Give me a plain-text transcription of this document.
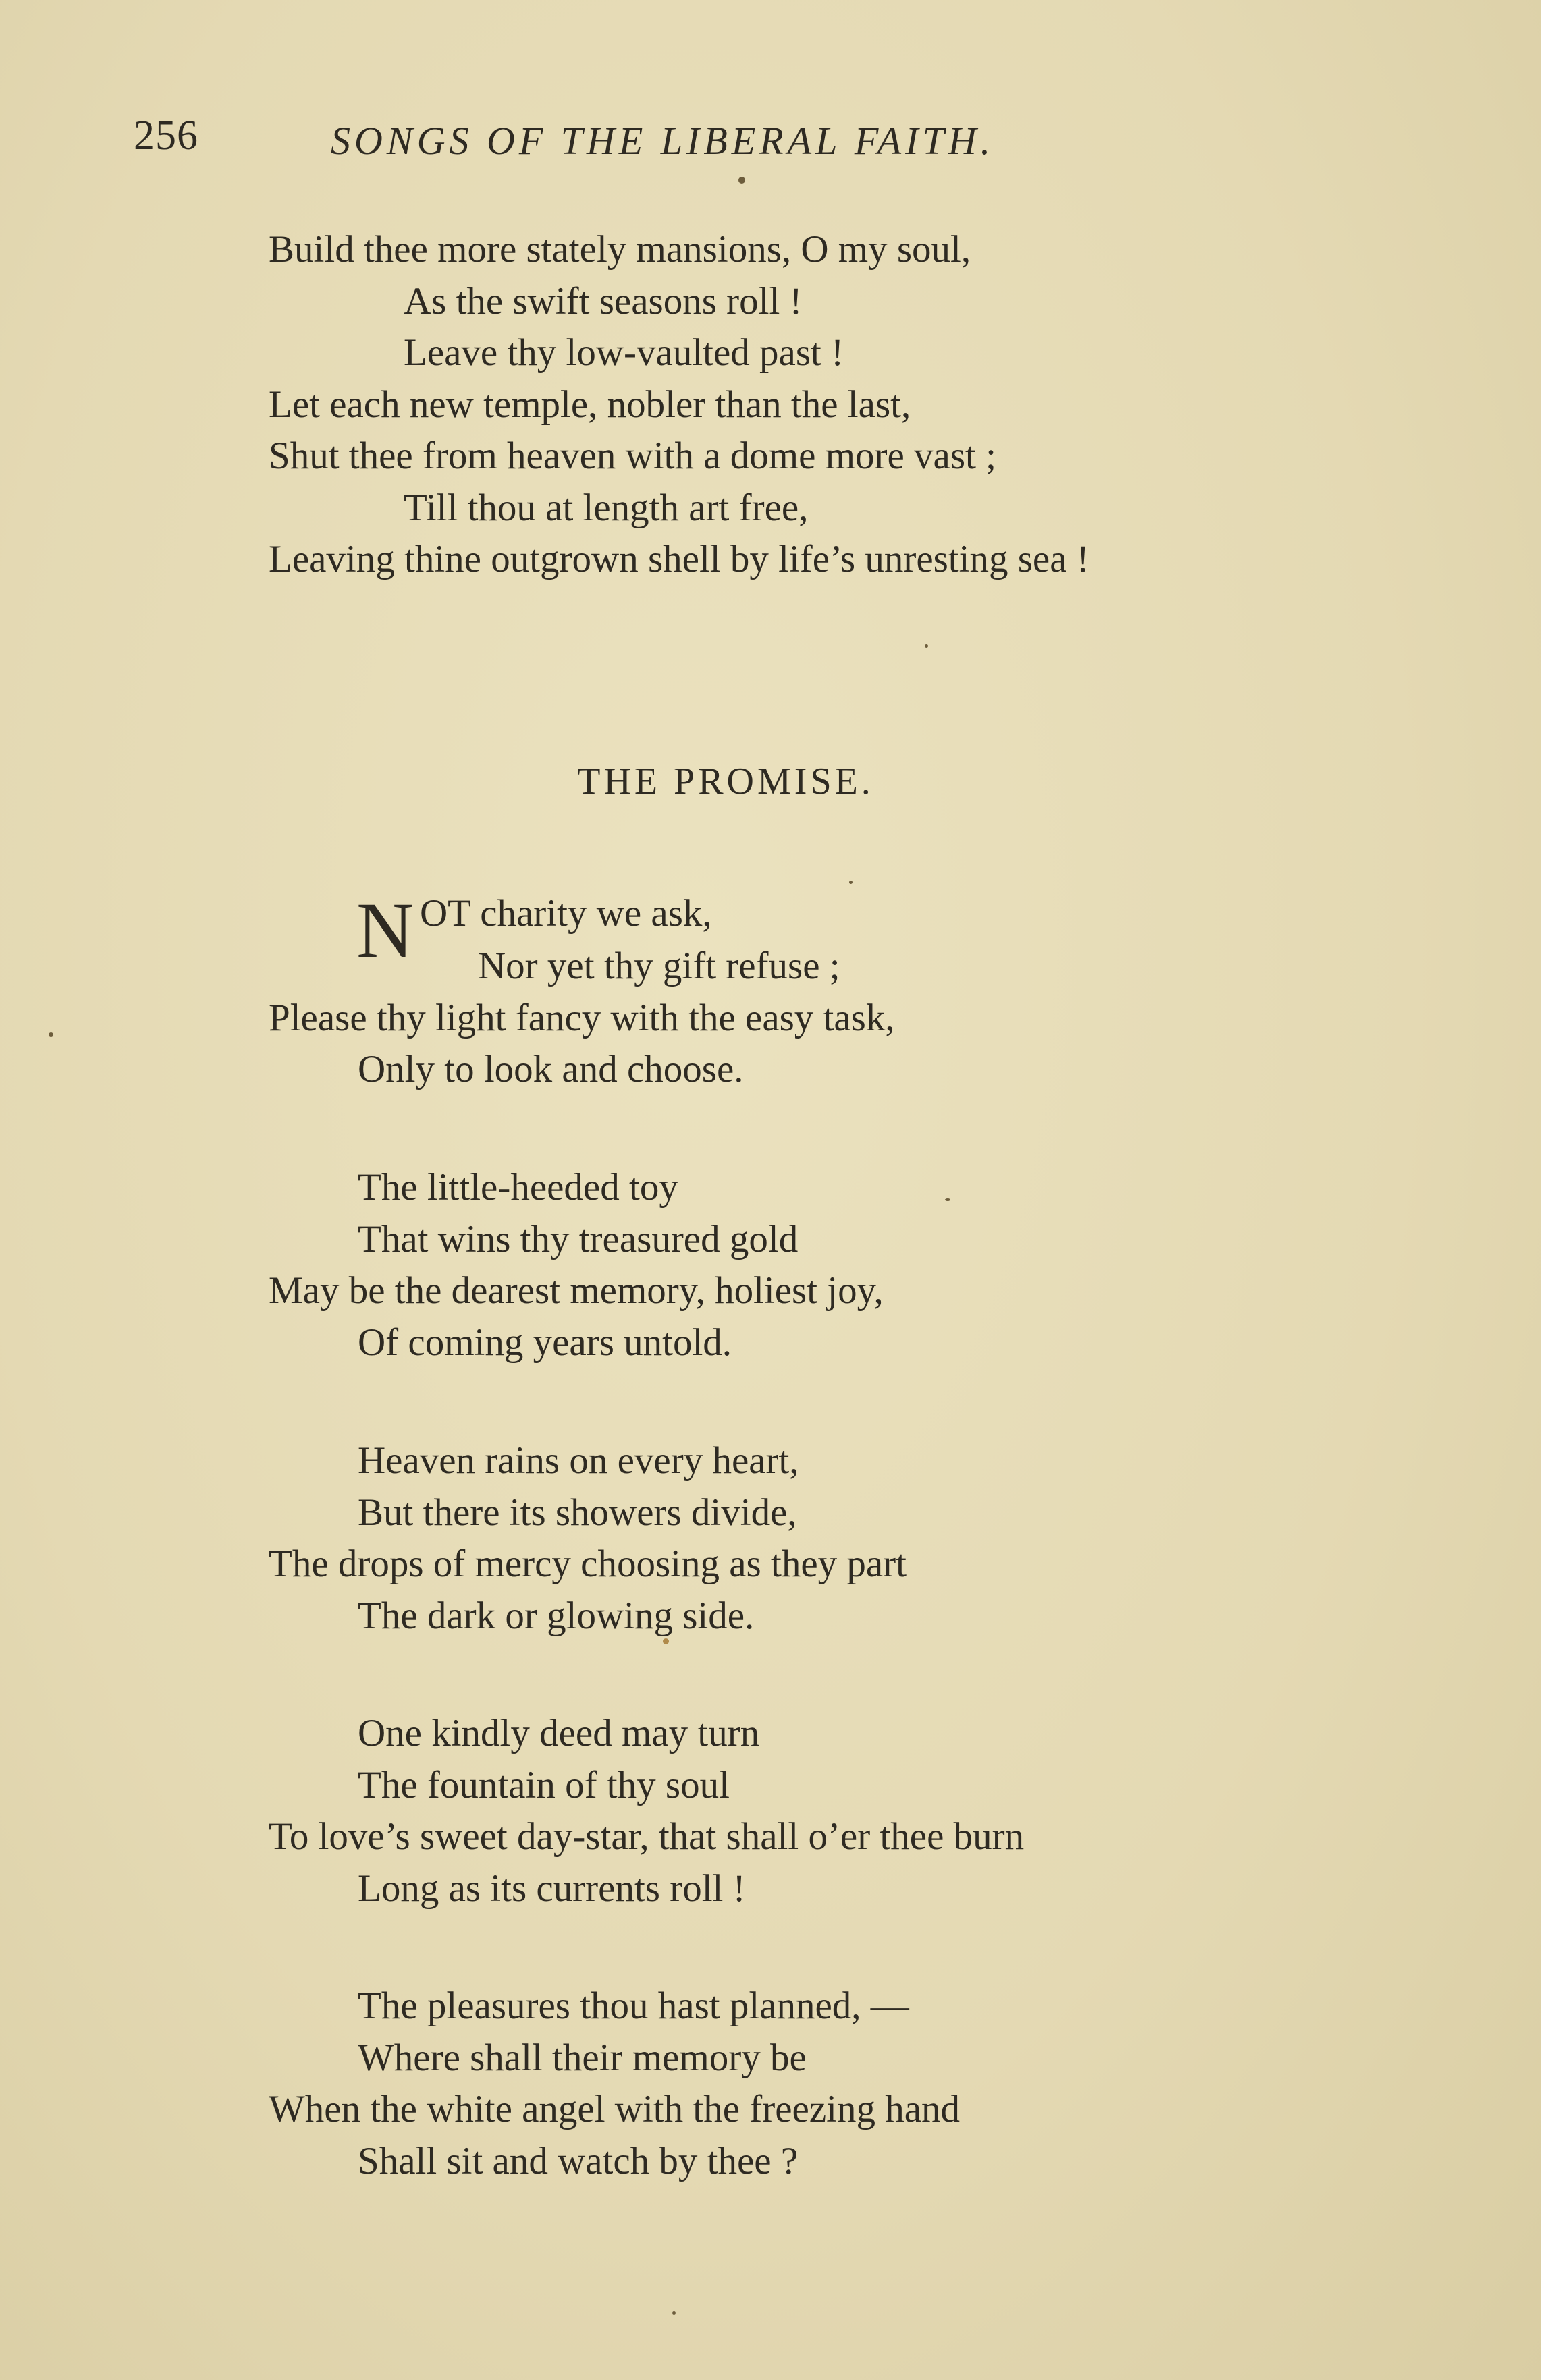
256	SONGS OF THE LIBERAL FAITH.
Build thee more stately mansions, O my soul,
As the swift seasons roll !
Leave thy low-vaulted past !
Let each new temple, nobler than the last,
Shut thee from heaven with a dome more vast ;
Till thou at length art free,
Leaving thine outgrown shell by life’s unresting sea !
THE PROMISE.
N OT charity we ask,
Nor yet thy gift refuse ;
Please thy light fancy with the easy task,
Only to look and choose.
The little-heeded toy
That wins thy treasured gold
May be the dearest memory, holiest joy,
Of coming years untold.
Heaven rains on every heart,
But there its showers divide,
The drops of mercy choosing as they part
The dark or glowing side.
One kindly deed may turn
The fountain of thy soul
To love’s sweet day-star, that shall o’er thee burn
Long as its currents roll !
The pleasures thou hast planned, —
Where shall their memory be
When the white angel with the freezing hand
Shall sit and watch by thee ?
